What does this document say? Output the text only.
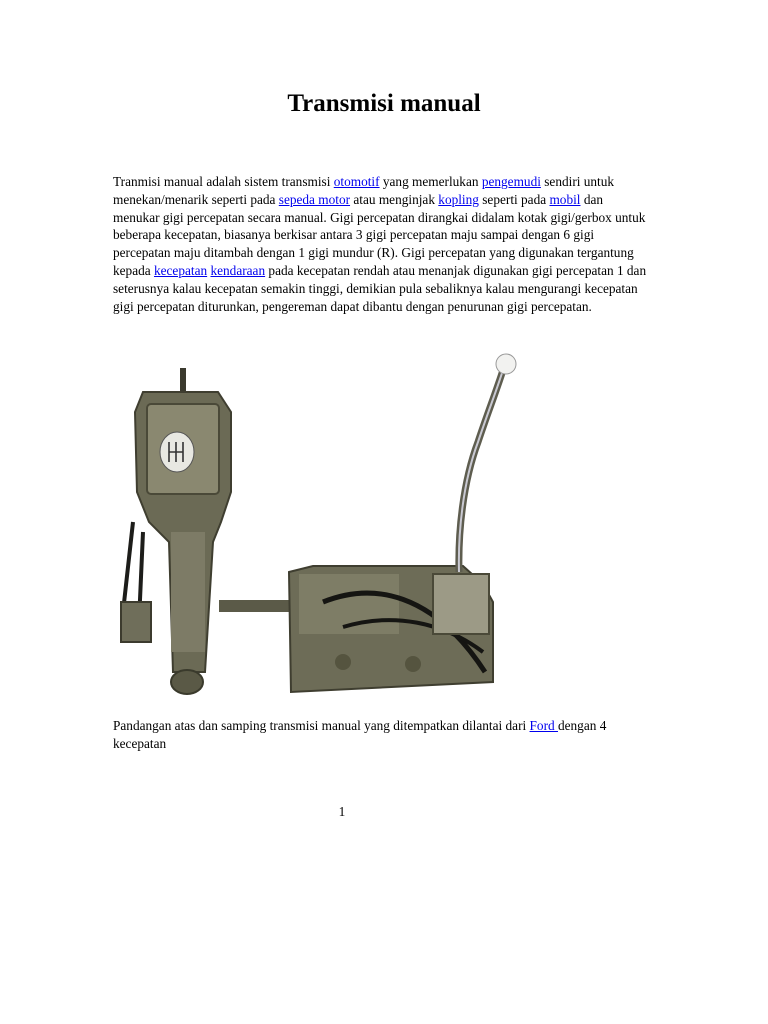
Transmisi manual

Tranmisi manual adalah sistem transmisi otomotif yang memerlukan pengemudi sendiri untuk menekan/menarik seperti pada sepeda motor atau menginjak kopling seperti pada mobil dan menukar gigi percepatan secara manual. Gigi percepatan dirangkai didalam kotak gigi/gerbox untuk beberapa kecepatan, biasanya berkisar antara 3 gigi percepatan maju sampai dengan 6 gigi percepatan maju ditambah dengan 1 gigi mundur (R). Gigi percepatan yang digunakan tergantung kepada kecepatan kendaraan pada kecepatan rendah atau menanjak digunakan gigi percepatan 1 dan seterusnya kalau kecepatan semakin tinggi, demikian pula sebaliknya kalau mengurangi kecepatan gigi percepatan diturunkan, pengereman dapat dibantu dengan penurunan gigi percepatan.

Pandangan atas dan samping transmisi manual yang ditempatkan dilantai dari Ford dengan 4 kecepatan

1
